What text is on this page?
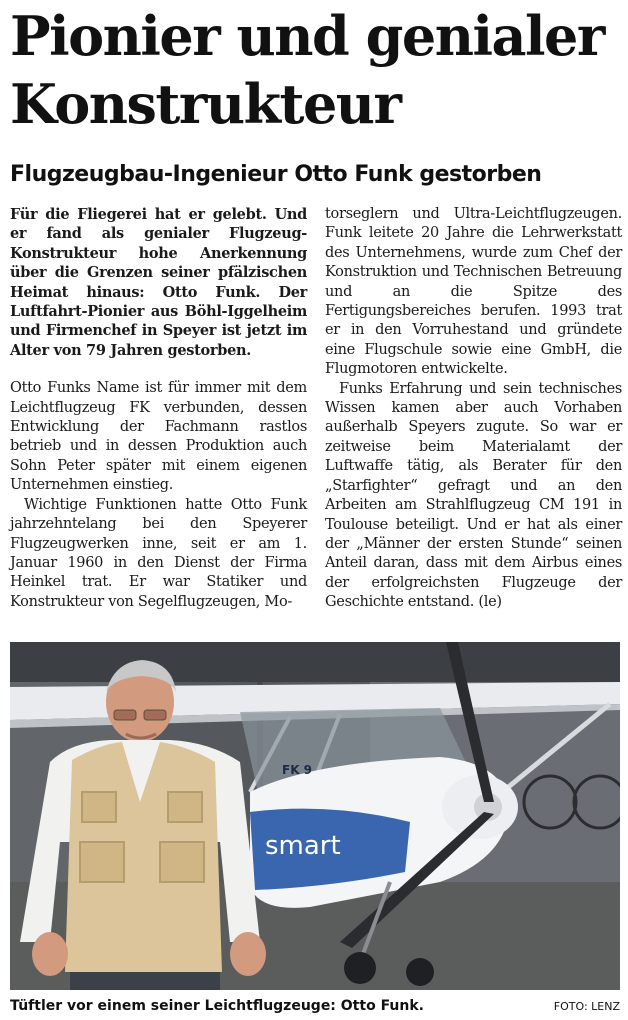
Pionier und genialer Konstrukteur
Flugzeugbau-Ingenieur Otto Funk gestorben

Für die Fliegerei hat er gelebt. Und er fand als genialer Flugzeug-Konstrukteur hohe Anerkennung über die Grenzen seiner pfälzischen Heimat hinaus: Otto Funk. Der Luftfahrt-Pionier aus Böhl-Iggelheim und Firmenchef in Speyer ist jetzt im Alter von 79 Jahren gestorben.

Otto Funks Name ist für immer mit dem Leichtflugzeug FK verbunden, dessen Entwicklung der Fachmann rastlos betrieb und in dessen Produktion auch Sohn Peter später mit einem eigenen Unternehmen einstieg.

Wichtige Funktionen hatte Otto Funk jahrzehntelang bei den Speyerer Flugzeugwerken inne, seit er am 1. Januar 1960 in den Dienst der Firma Heinkel trat. Er war Statiker und Konstrukteur von Segelflugzeugen, Mo-

torseglern und Ultra-Leichtflugzeugen. Funk leitete 20 Jahre die Lehrwerkstatt des Unternehmens, wurde zum Chef der Konstruktion und Technischen Betreuung und an die Spitze des Fertigungsbereiches berufen. 1993 trat er in den Vorruhestand und gründete eine Flugschule sowie eine GmbH, die Flugmotoren entwickelte.

Funks Erfahrung und sein technisches Wissen kamen aber auch Vorhaben außerhalb Speyers zugute. So war er zeitweise beim Materialamt der Luftwaffe tätig, als Berater für den „Starfighter“ gefragt und an den Arbeiten am Strahlflugzeug CM 191 in Toulouse beteiligt. Und er hat als einer der „Männer der ersten Stunde“ seinen Anteil daran, dass mit dem Airbus eines der erfolgreichsten Flugzeuge der Geschichte entstand. (le)

smart
FK 9

Tüftler vor einem seiner Leichtflugzeuge: Otto Funk.	FOTO: LENZ
